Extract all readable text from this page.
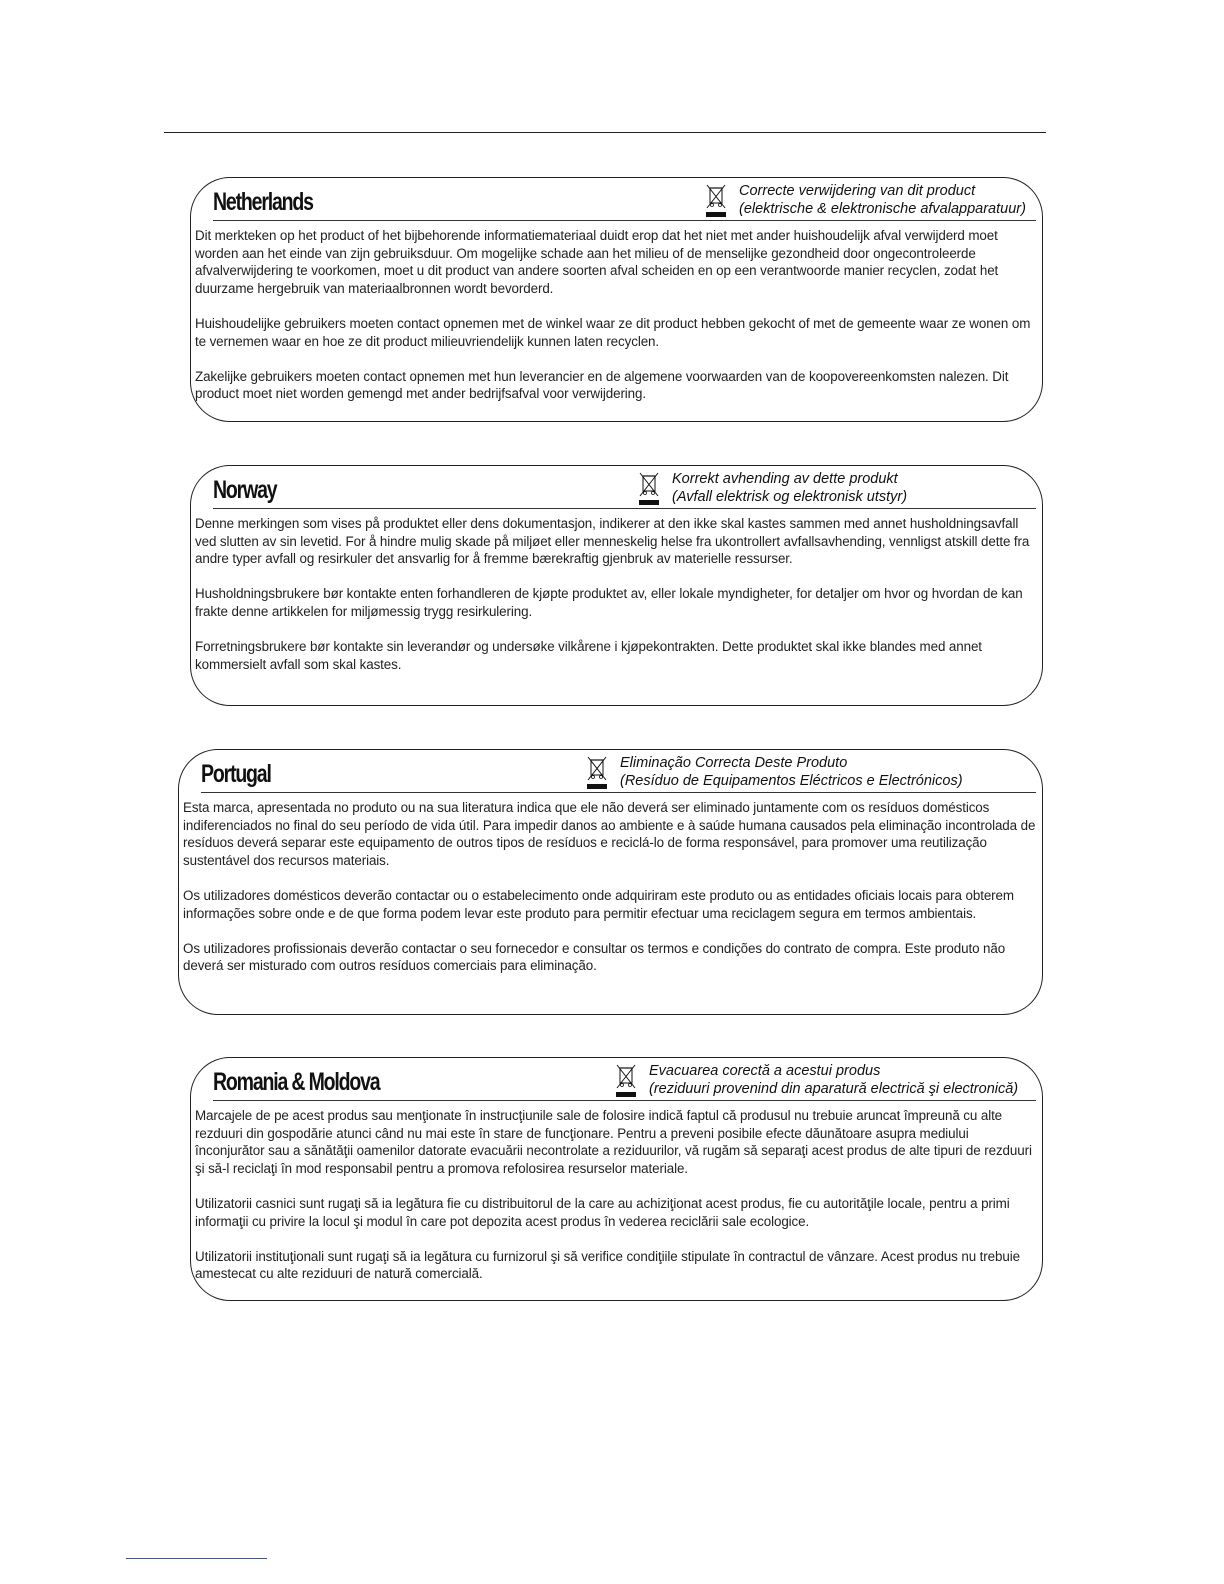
Netherlands	Correcte verwijdering van dit product
(elektrische & elektronische afvalapparatuur)

Dit merkteken op het product of het bijbehorende informatiemateriaal duidt erop dat het niet met ander huishoudelijk afval verwijderd moet worden aan het einde van zijn gebruiksduur. Om mogelijke schade aan het milieu of de menselijke gezondheid door ongecontroleerde afvalverwijdering te voorkomen, moet u dit product van andere soorten afval scheiden en op een verantwoorde manier recyclen, zodat het duurzame hergebruik van materiaalbronnen wordt bevorderd.

Huishoudelijke gebruikers moeten contact opnemen met de winkel waar ze dit product hebben gekocht of met de gemeente waar ze wonen om te vernemen waar en hoe ze dit product milieuvriendelijk kunnen laten recyclen.

Zakelijke gebruikers moeten contact opnemen met hun leverancier en de algemene voorwaarden van de koopovereenkomsten nalezen. Dit product moet niet worden gemengd met ander bedrijfsafval voor verwijdering.

Norway	Korrekt avhending av dette produkt
(Avfall elektrisk og elektronisk utstyr)

Denne merkingen som vises på produktet eller dens dokumentasjon, indikerer at den ikke skal kastes sammen med annet husholdningsavfall ved slutten av sin levetid. For å hindre mulig skade på miljøet eller menneskelig helse fra ukontrollert avfallsavhending, vennligst atskill dette fra andre typer avfall og resirkuler det ansvarlig for å fremme bærekraftig gjenbruk av materielle ressurser.

Husholdningsbrukere bør kontakte enten forhandleren de kjøpte produktet av, eller lokale myndigheter, for detaljer om hvor og hvordan de kan frakte denne artikkelen for miljømessig trygg resirkulering.

Forretningsbrukere bør kontakte sin leverandør og undersøke vilkårene i kjøpekontrakten. Dette produktet skal ikke blandes med annet kommersielt avfall som skal kastes.

Portugal	Eliminação Correcta Deste Produto
(Resíduo de Equipamentos Eléctricos e Electrónicos)

Esta marca, apresentada no produto ou na sua literatura indica que ele não deverá ser eliminado juntamente com os resíduos domésticos indiferenciados no final do seu período de vida útil. Para impedir danos ao ambiente e à saúde humana causados pela eliminação incontrolada de resíduos deverá separar este equipamento de outros tipos de resíduos e reciclá-lo de forma responsável, para promover uma reutilização sustentável dos recursos materiais.

Os utilizadores domésticos deverão contactar ou o estabelecimento onde adquiriram este produto ou as entidades oficiais locais para obterem informações sobre onde e de que forma podem levar este produto para permitir efectuar uma reciclagem segura em termos ambientais.

Os utilizadores profissionais deverão contactar o seu fornecedor e consultar os termos e condições do contrato de compra. Este produto não deverá ser misturado com outros resíduos comerciais para eliminação.

Romania & Moldova	Evacuarea corectă a acestui produs
(reziduuri provenind din aparatură electrică şi electronică)

Marcajele de pe acest produs sau menţionate în instrucţiunile sale de folosire indică faptul că produsul nu trebuie aruncat împreună cu alte rezduuri din gospodărie atunci când nu mai este în stare de funcţionare. Pentru a preveni posibile efecte dăunătoare asupra mediului înconjurător sau a sănătăţii oamenilor datorate evacuării necontrolate a reziduurilor, vă rugăm să separaţi acest produs de alte tipuri de rezduuri şi să-l reciclaţi în mod responsabil pentru a promova refolosirea resurselor materiale.

Utilizatorii casnici sunt rugaţi să ia legătura fie cu distribuitorul de la care au achiziţionat acest produs, fie cu autorităţile locale, pentru a primi informaţii cu privire la locul şi modul în care pot depozita acest produs în vederea reciclării sale ecologice.

Utilizatorii instituţionali sunt rugaţi să ia legătura cu furnizorul şi să verifice condiţiile stipulate în contractul de vânzare. Acest produs nu trebuie amestecat cu alte reziduuri de natură comercială.
